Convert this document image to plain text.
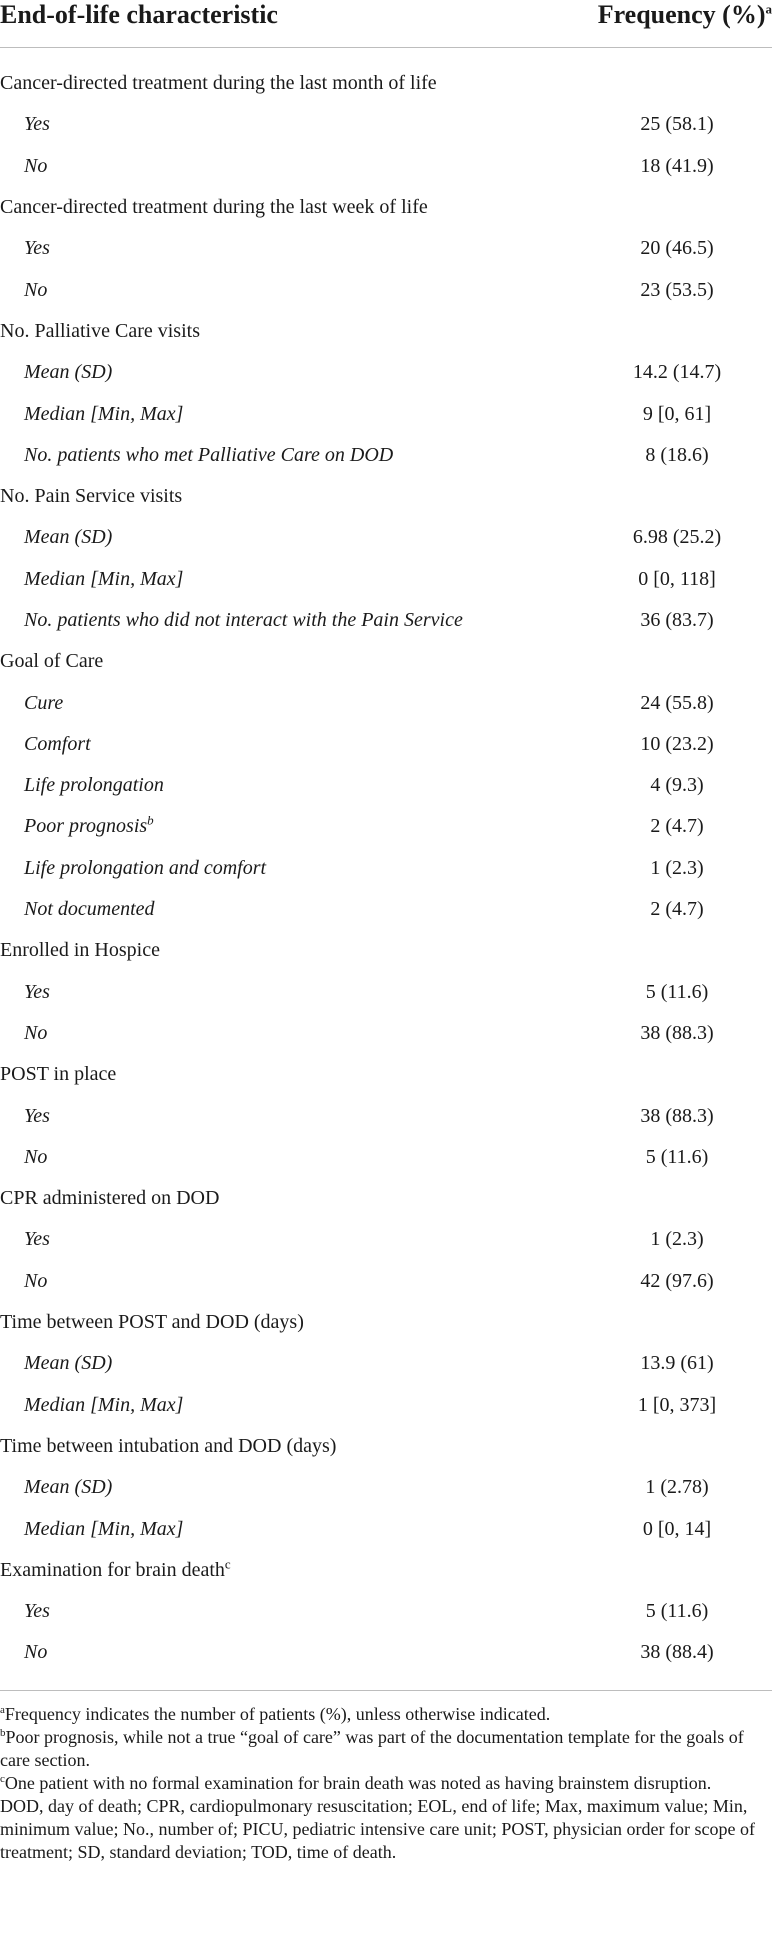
End-of-life characteristic	Frequency (%)$^a$

Cancer-directed treatment during the last month of life	
Yes	25 (58.1)
No	18 (41.9)
Cancer-directed treatment during the last week of life	
Yes	20 (46.5)
No	23 (53.5)
No. Palliative Care visits	
Mean (SD)	14.2 (14.7)
Median [Min, Max]	9 [0, 61]
No. patients who met Palliative Care on DOD	8 (18.6)
No. Pain Service visits	
Mean (SD)	6.98 (25.2)
Median [Min, Max]	0 [0, 118]
No. patients who did not interact with the Pain Service	36 (83.7)
Goal of Care	
Cure	24 (55.8)
Comfort	10 (23.2)
Life prolongation	4 (9.3)
Poor prognosis$^b$	2 (4.7)
Life prolongation and comfort	1 (2.3)
Not documented	2 (4.7)
Enrolled in Hospice	
Yes	5 (11.6)
No	38 (88.3)
POST in place	
Yes	38 (88.3)
No	5 (11.6)
CPR administered on DOD	
Yes	1 (2.3)
No	42 (97.6)
Time between POST and DOD (days)	
Mean (SD)	13.9 (61)
Median [Min, Max]	1 [0, 373]
Time between intubation and DOD (days)	
Mean (SD)	1 (2.78)
Median [Min, Max]	0 [0, 14]
Examination for brain death$^c$	
Yes	5 (11.6)
No	38 (88.4)

$^a$Frequency indicates the number of patients (%), unless otherwise indicated.

$^b$Poor prognosis, while not a true “goal of care” was part of the documentation template for the goals of care section.

$^c$One patient with no formal examination for brain death was noted as having brainstem disruption.

DOD, day of death; CPR, cardiopulmonary resuscitation; EOL, end of life; Max, maximum value; Min, minimum value; No., number of; PICU, pediatric intensive care unit; POST, physician order for scope of treatment; SD, standard deviation; TOD, time of death.
